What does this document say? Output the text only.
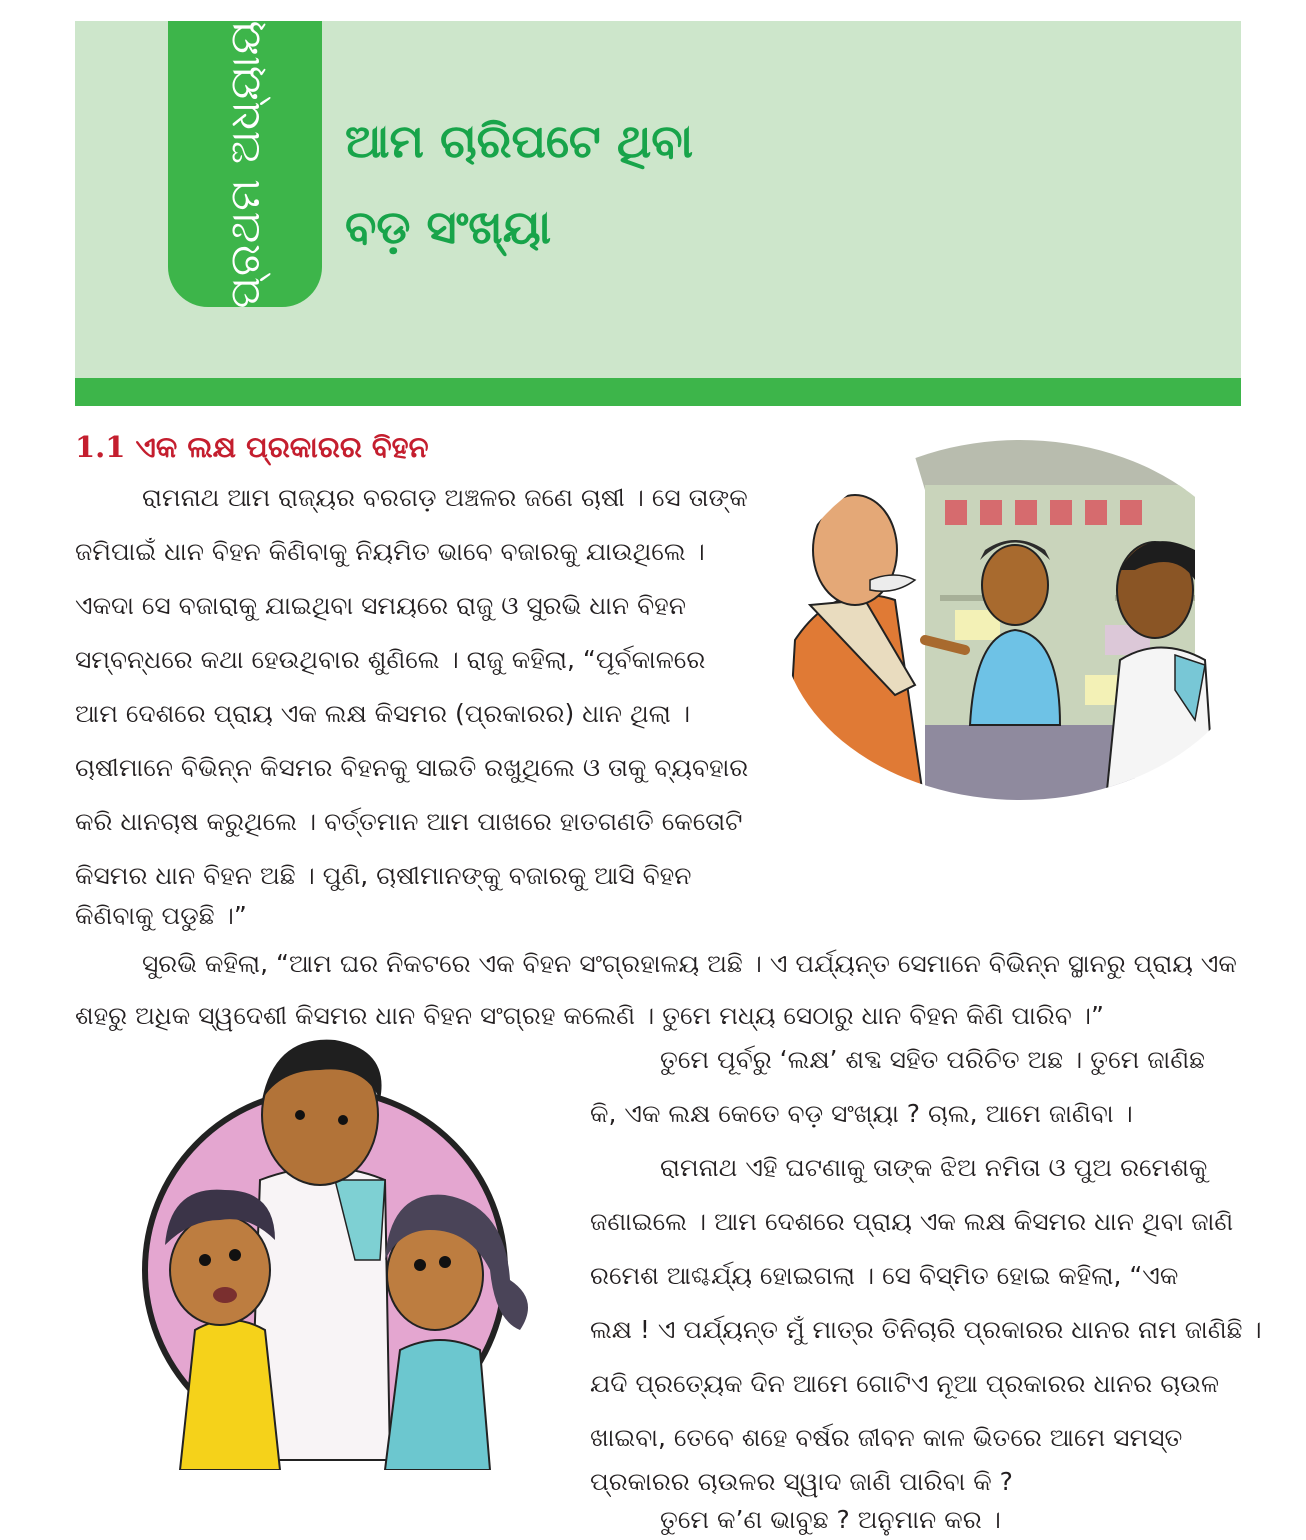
ପ୍ରଥମ ଅଧ୍ୟାୟ ଆମ ଚାରିପଟେ ଥିବା
ବଡ଼ ସଂଖ୍ୟା
1.1 ଏକ ଲକ୍ଷ ପ୍ରକାରର ବିହନ
ରାମନାଥ ଆମ ରାଜ୍ୟର ବରଗଡ଼ ଅଞ୍ଚଳର ଜଣେ ଚାଷୀ । ସେ ତାଙ୍କ
ଜମିପାଇଁ ଧାନ ବିହନ କିଣିବାକୁ ନିୟମିତ ଭାବେ ବଜାରକୁ ଯାଉଥିଲେ ।
ଏକଦା ସେ ବଜାରାକୁ ଯାଇଥିବା ସମୟରେ ରାଜୁ ଓ ସୁରଭି ଧାନ ବିହନ
ସମ୍ବନ୍ଧରେ କଥା ହେଉଥିବାର ଶୁଣିଲେ । ରାଜୁ କହିଲା, “ପୂର୍ବକାଳରେ
ଆମ ଦେଶରେ ପ୍ରାୟ ଏକ ଲକ୍ଷ କିସମର (ପ୍ରକାରର) ଧାନ ଥିଲା ।
ଚାଷୀମାନେ ବିଭିନ୍ନ କିସମର ବିହନକୁ ସାଇତି ରଖୁଥିଲେ ଓ ତାକୁ ବ୍ୟବହାର
କରି ଧାନଚାଷ କରୁଥିଲେ । ବର୍ତ୍ତମାନ ଆମ ପାଖରେ ହାତଗଣତି କେତୋଟି
କିସମର ଧାନ ବିହନ ଅଛି । ପୁଣି, ଚାଷୀମାନଙ୍କୁ ବଜାରକୁ ଆସି ବିହନ
କିଣିବାକୁ ପଡୁଛି ।”
ସୁରଭି କହିଲା, “ଆମ ଘର ନିକଟରେ ଏକ ବିହନ ସଂଗ୍ରହାଳୟ ଅଛି । ଏ ପର୍ଯ୍ୟନ୍ତ ସେମାନେ ବିଭିନ୍ନ ସ୍ଥାନରୁ ପ୍ରାୟ ଏକ
ଶହରୁ ଅଧିକ ସ୍ୱଦେଶୀ କିସମର ଧାନ ବିହନ ସଂଗ୍ରହ କଲେଣି । ତୁମେ ମଧ୍ୟ ସେଠାରୁ ଧାନ ବିହନ କିଣି ପାରିବ ।”
ତୁମେ ପୂର୍ବରୁ ‘ଲକ୍ଷ’ ଶବ୍ଦ ସହିତ ପରିଚିତ ଅଛ । ତୁମେ ଜାଣିଛ
କି, ଏକ ଲକ୍ଷ କେତେ ବଡ଼ ସଂଖ୍ୟା ? ଚାଲ, ଆମେ ଜାଣିବା ।
ରାମନାଥ ଏହି ଘଟଣାକୁ ତାଙ୍କ ଝିଅ ନମିତା ଓ ପୁଅ ରମେଶକୁ
ଜଣାଇଲେ । ଆମ ଦେଶରେ ପ୍ରାୟ ଏକ ଲକ୍ଷ କିସମର ଧାନ ଥିବା ଜାଣି
ରମେଶ ଆଶ୍ଚର୍ଯ୍ୟ ହୋଇଗଲା । ସେ ବିସ୍ମିତ ହୋଇ କହିଲା, “ଏକ
ଲକ୍ଷ ! ଏ ପର୍ଯ୍ୟନ୍ତ ମୁଁ ମାତ୍ର ତିନିଚାରି ପ୍ରକାରର ଧାନର ନାମ ଜାଣିଛି ।
ଯଦି ପ୍ରତ୍ୟେକ ଦିନ ଆମେ ଗୋଟିଏ ନୂଆ ପ୍ରକାରର ଧାନର ଚାଉଳ
ଖାଇବା, ତେବେ ଶହେ ବର୍ଷର ଜୀବନ କାଳ ଭିତରେ ଆମେ ସମସ୍ତ
ପ୍ରକାରର ଚାଉଳର ସ୍ୱାଦ ଜାଣି ପାରିବା କି ?
ତୁମେ କ’ଣ ଭାବୁଛ ? ଅନୁମାନ କର ।
